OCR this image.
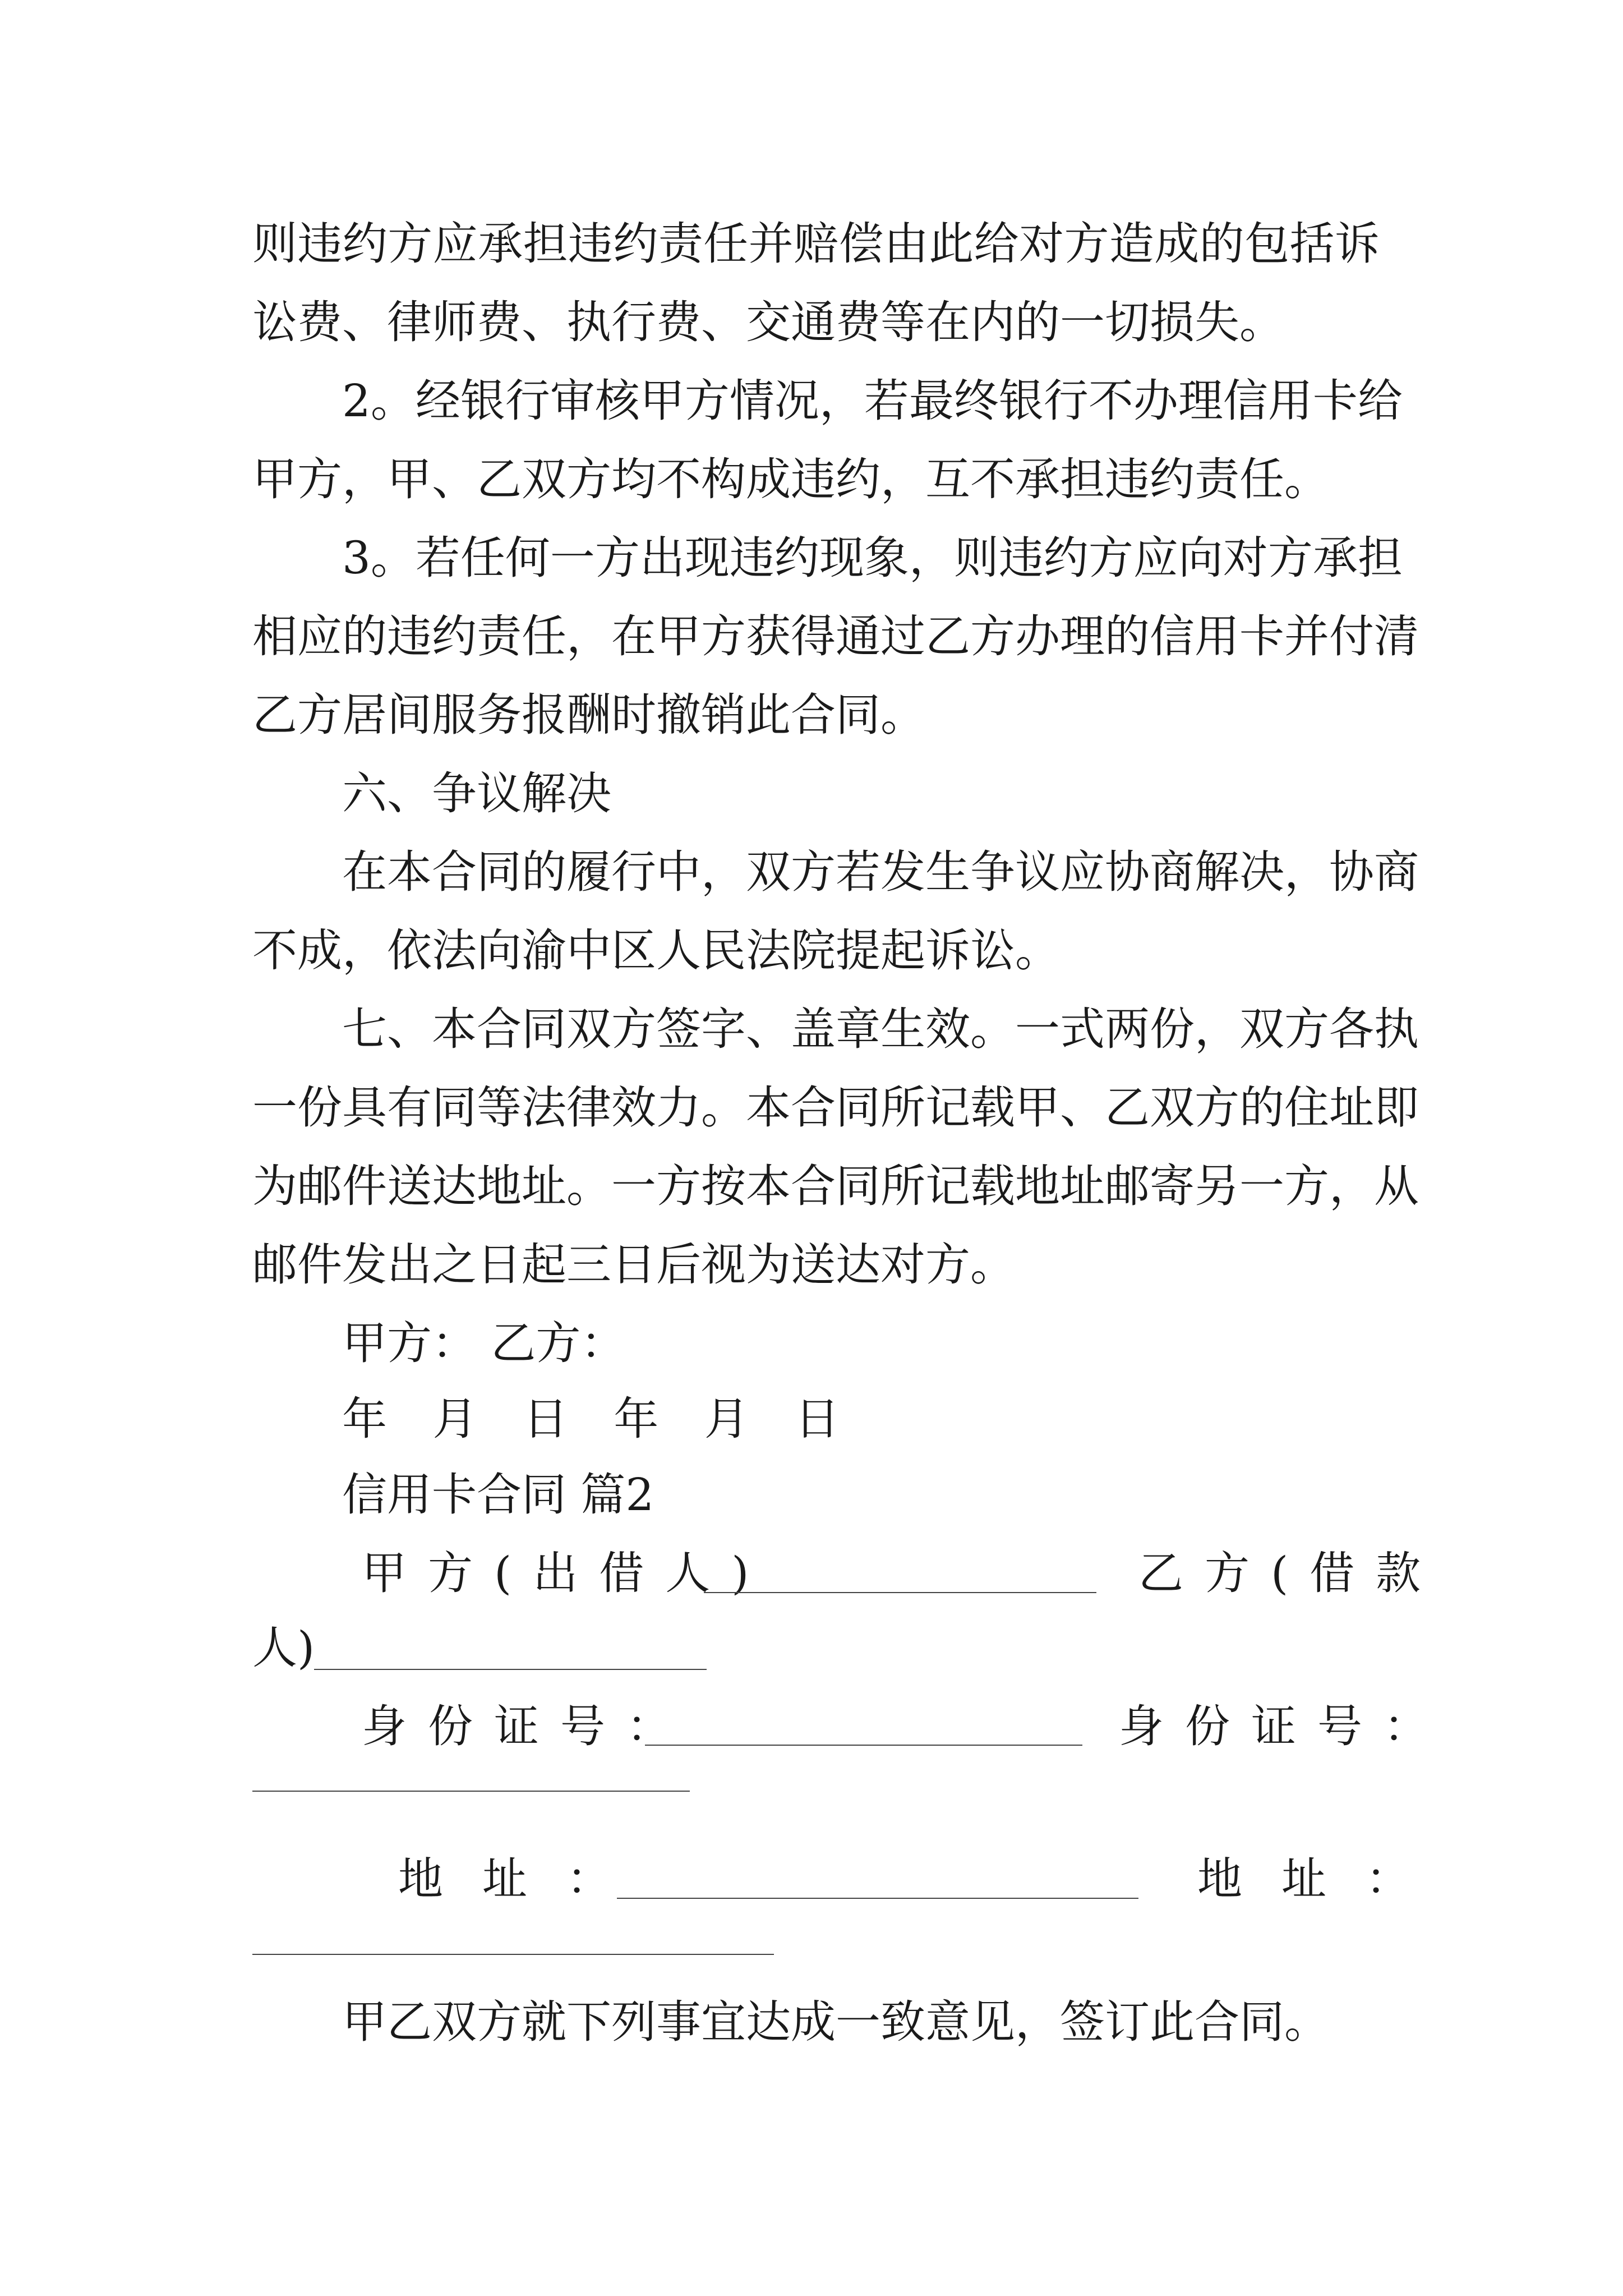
则违约方应承担违约责任并赔偿由此给对方造成的包括诉
讼费、律师费、执行费、交通费等在内的一切损失。
2。经银行审核甲方情况，若最终银行不办理信用卡给
甲方，甲、乙双方均不构成违约，互不承担违约责任。
3。若任何一方出现违约现象，则违约方应向对方承担
相应的违约责任，在甲方获得通过乙方办理的信用卡并付清
乙方居间服务报酬时撤销此合同。
六、争议解决
在本合同的履行中，双方若发生争议应协商解决，协商
不成，依法向渝中区人民法院提起诉讼。
七、本合同双方签字、盖章生效。一式两份，双方各执
一份具有同等法律效力。本合同所记载甲、乙双方的住址即
为邮件送达地址。一方按本合同所记载地址邮寄另一方，从
邮件发出之日起三日后视为送达对方。
甲方： 乙方：
年 月 日 年 月 日
信用卡合同 篇2
甲方(出借人)	乙方(借款
人)
身份证号：	身份证号：
地址：	地址：
甲乙双方就下列事宜达成一致意见，签订此合同。
